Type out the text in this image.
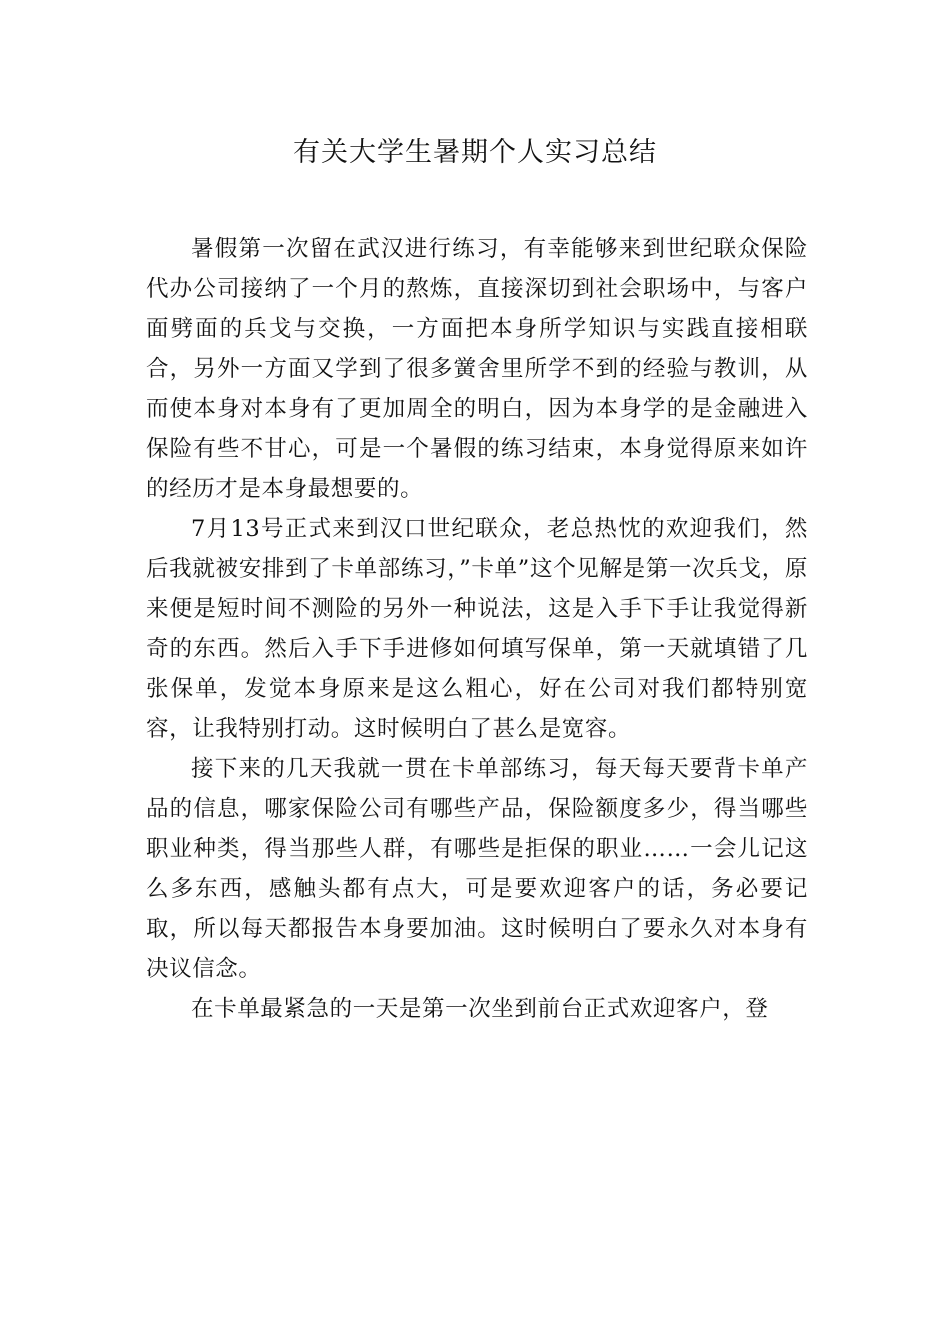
有关大学生暑期个人实习总结

暑假第一次留在武汉进行练习，有幸能够来到世纪联众保险代办公司接纳了一个月的熬炼，直接深切到社会职场中，与客户面劈面的兵戈与交换，一方面把本身所学知识与实践直接相联合，另外一方面又学到了很多黉舍里所学不到的经验与教训，从而使本身对本身有了更加周全的明白，因为本身学的是金融进入保险有些不甘心，可是一个暑假的练习结束，本身觉得原来如许的经历才是本身最想要的。

7月13号正式来到汉口世纪联众，老总热忱的欢迎我们，然后我就被安排到了卡单部练习，”卡单”这个见解是第一次兵戈，原来便是短时间不测险的另外一种说法，这是入手下手让我觉得新奇的东西。然后入手下手进修如何填写保单，第一天就填错了几张保单，发觉本身原来是这么粗心，好在公司对我们都特别宽容，让我特别打动。这时候明白了甚么是宽容。

接下来的几天我就一贯在卡单部练习，每天每天要背卡单产品的信息，哪家保险公司有哪些产品，保险额度多少，得当哪些职业种类，得当那些人群，有哪些是拒保的职业……一会儿记这么多东西，感触头都有点大，可是要欢迎客户的话，务必要记取，所以每天都报告本身要加油。这时候明白了要永久对本身有决议信念。

在卡单最紧急的一天是第一次坐到前台正式欢迎客户，登
